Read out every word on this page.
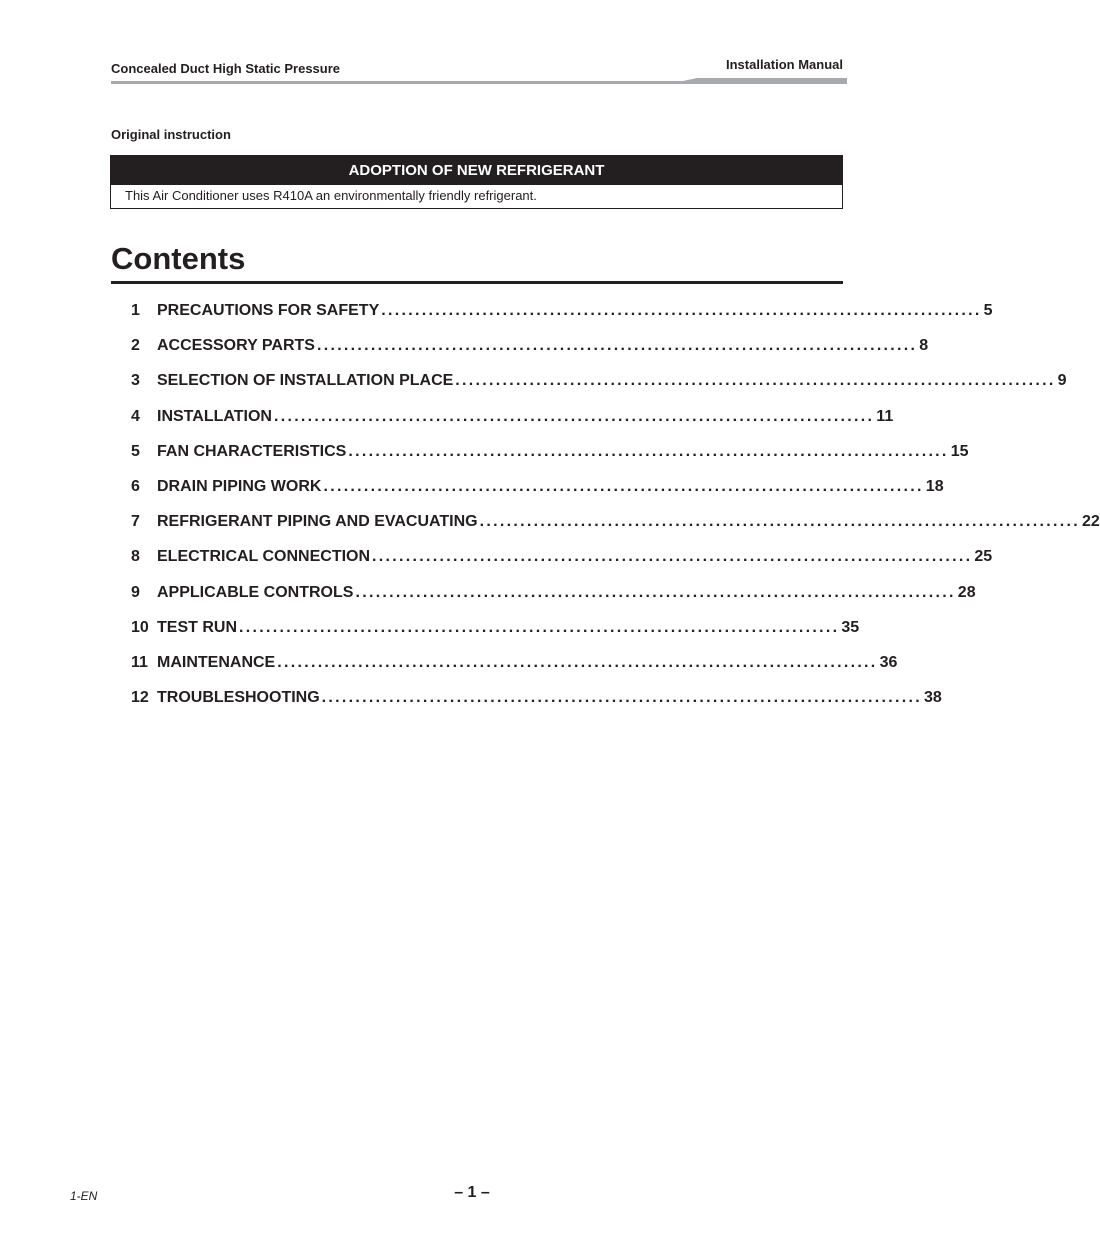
Concealed Duct High Static Pressure	Installation Manual
Original instruction
ADOPTION OF NEW REFRIGERANT
This Air Conditioner uses R410A an environmentally friendly refrigerant.
Contents
1	PRECAUTIONS FOR SAFETY ......................................................................................... 5
2	ACCESSORY PARTS ......................................................................................... 8
3	SELECTION OF INSTALLATION PLACE ......................................................................................... 9
4	INSTALLATION ......................................................................................... 11
5	FAN CHARACTERISTICS ......................................................................................... 15
6	DRAIN PIPING WORK ......................................................................................... 18
7	REFRIGERANT PIPING AND EVACUATING ......................................................................................... 22
8	ELECTRICAL CONNECTION ......................................................................................... 25
9	APPLICABLE CONTROLS ......................................................................................... 28
10 TEST RUN ......................................................................................... 35
11 MAINTENANCE ......................................................................................... 36
12 TROUBLESHOOTING ......................................................................................... 38
1-EN	– 1 –
